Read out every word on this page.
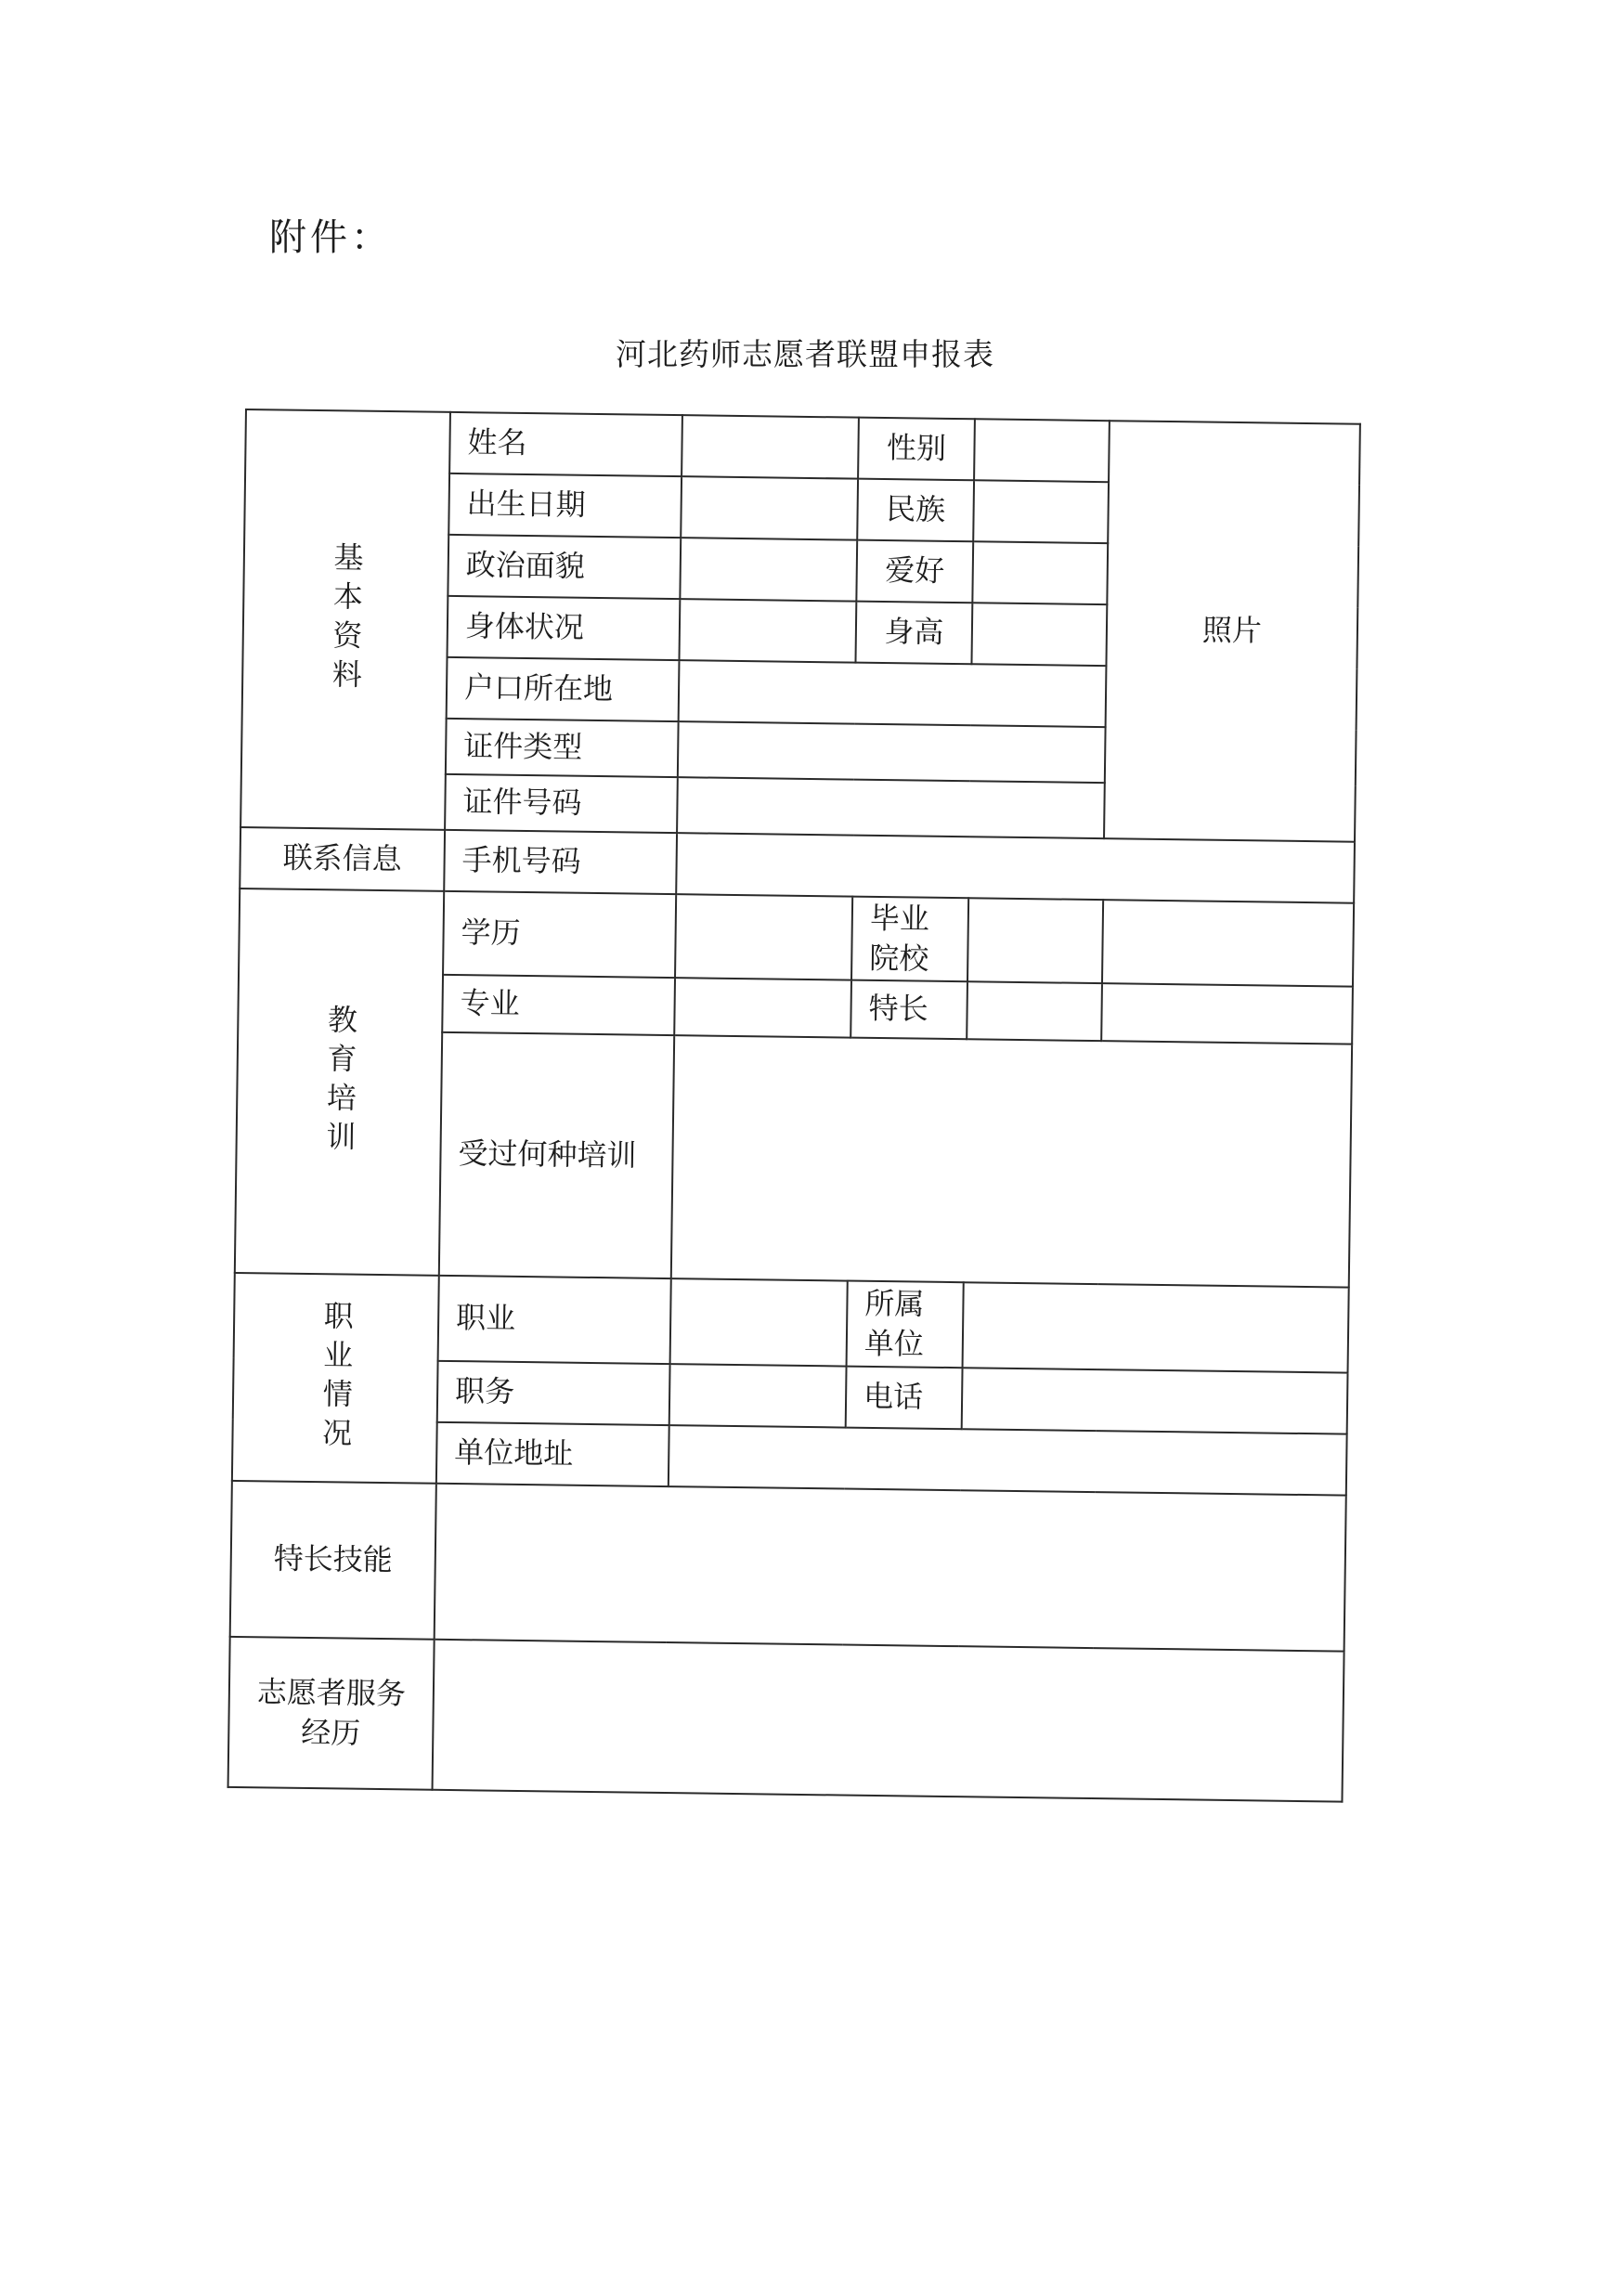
附件：
河北药师志愿者联盟申报表
基本资料	姓名		性别		照片
	出生日期		民族		
	政治面貌		爱好		
	身体状况		身高		
	户口所在地				
	证件类型				
	证件号码				
联系信息	手机号码				

教育培训	学历		毕业
院校		

	专业		特长		
	受过何种培训				

职业情况	职业		所属
单位		

	职务		电话		
	单位地址				
特长技能					

志愿者服务
经历					
